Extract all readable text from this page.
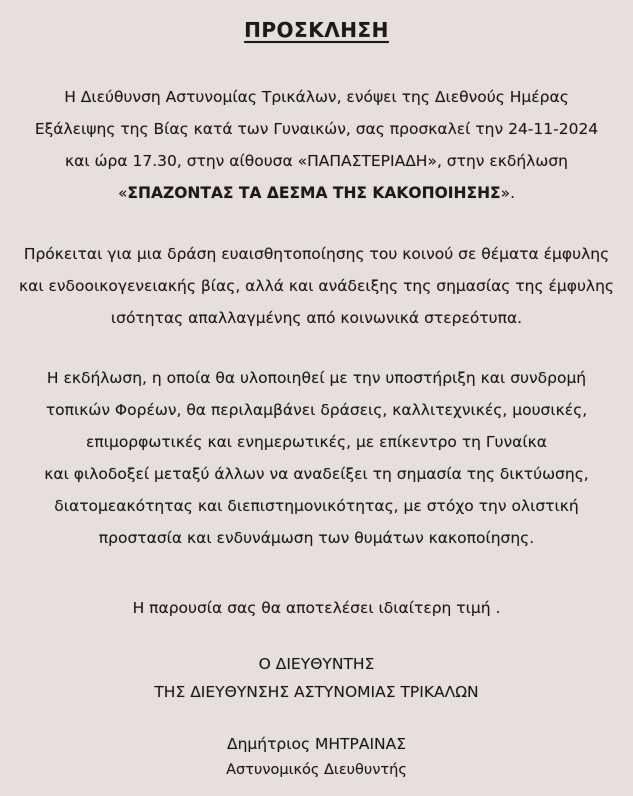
ΠΡΟΣΚΛΗΣΗ
Η Διεύθυνση Αστυνομίας Τρικάλων, ενόψει της Διεθνούς Ημέρας
Εξάλειψης της Βίας κατά των Γυναικών, σας προσκαλεί την 24-11-2024
και ώρα 17.30, στην αίθουσα «ΠΑΠΑΣΤΕΡΙΑΔΗ», στην εκδήλωση
«ΣΠΑΖΟΝΤΑΣ ΤΑ ΔΕΣΜΑ ΤΗΣ ΚΑΚΟΠΟΙΗΣΗΣ».
Πρόκειται για μια δράση ευαισθητοποίησης του κοινού σε θέματα έμφυλης
και ενδοοικογενειακής βίας, αλλά και ανάδειξης της σημασίας της έμφυλης
ισότητας απαλλαγμένης από κοινωνικά στερεότυπα.
Η εκδήλωση, η οποία θα υλοποιηθεί με την υποστήριξη και συνδρομή
τοπικών Φορέων, θα περιλαμβάνει δράσεις, καλλιτεχνικές, μουσικές,
επιμορφωτικές και ενημερωτικές, με επίκεντρο τη Γυναίκα
και φιλοδοξεί μεταξύ άλλων να αναδείξει τη σημασία της δικτύωσης,
διατομεακότητας και διεπιστημονικότητας, με στόχο την ολιστική
προστασία και ενδυνάμωση των θυμάτων κακοποίησης.
Η παρουσία σας θα αποτελέσει ιδιαίτερη τιμή .
Ο ΔΙΕΥΘΥΝΤΗΣ
ΤΗΣ ΔΙΕΥΘΥΝΣΗΣ ΑΣΤΥΝΟΜΙΑΣ ΤΡΙΚΑΛΩΝ
Δημήτριος ΜΗΤΡΑΙΝΑΣ
Αστυνομικός Διευθυντής
